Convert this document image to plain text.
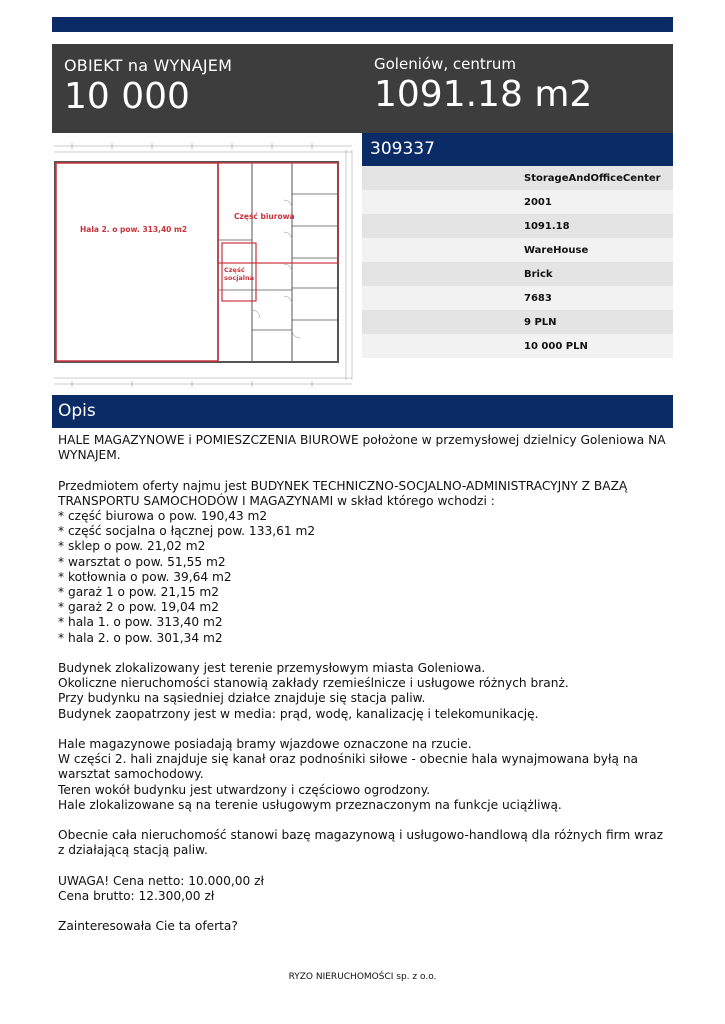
OBIEKT na WYNAJEM
10 000
Goleniów, centrum
1091.18 m2
Hala 2. o pow. 313,40 m2
Część biurowa
Część
socjalna
309337
StorageAndOfficeCenter
2001
1091.18
WareHouse
Brick
7683
9 PLN
10 000 PLN
Opis

HALE MAGAZYNOWE i POMIESZCZENIA BIUROWE położone w przemysłowej dzielnicy Goleniowa NA WYNAJEM.

Przedmiotem oferty najmu jest BUDYNEK TECHNICZNO-SOCJALNO-ADMINISTRACYJNY Z BAZĄ TRANSPORTU SAMOCHODÓW I MAGAZYNAMI w skład którego wchodzi :

* część biurowa o pow. 190,43 m2

* część socjalna o łącznej pow. 133,61 m2

* sklep o pow. 21,02 m2

* warsztat o pow. 51,55 m2

* kotłownia o pow. 39,64 m2

* garaż 1 o pow. 21,15 m2

* garaż 2 o pow. 19,04 m2

* hala 1. o pow. 313,40 m2

* hala 2. o pow. 301,34 m2

Budynek zlokalizowany jest terenie przemysłowym miasta Goleniowa.

Okoliczne nieruchomości stanowią zakłady rzemieślnicze i usługowe różnych branż.

Przy budynku na sąsiedniej działce znajduje się stacja paliw.

Budynek zaopatrzony jest w media: prąd, wodę, kanalizację i telekomunikację.

Hale magazynowe posiadają bramy wjazdowe oznaczone na rzucie.

W części 2. hali znajduje się kanał oraz podnośniki siłowe - obecnie hala wynajmowana byłą na warsztat samochodowy.

Teren wokół budynku jest utwardzony i częściowo ogrodzony.

Hale zlokalizowane są na terenie usługowym przeznaczonym na funkcje uciążliwą.

Obecnie cała nieruchomość stanowi bazę magazynową i usługowo-handlową dla różnych firm wraz z działającą stacją paliw.

UWAGA! Cena netto: 10.000,00 zł

Cena brutto: 12.300,00 zł

Zainteresowała Cie ta oferta?

RYZO NIERUCHOMOŚCI sp. z o.o.
